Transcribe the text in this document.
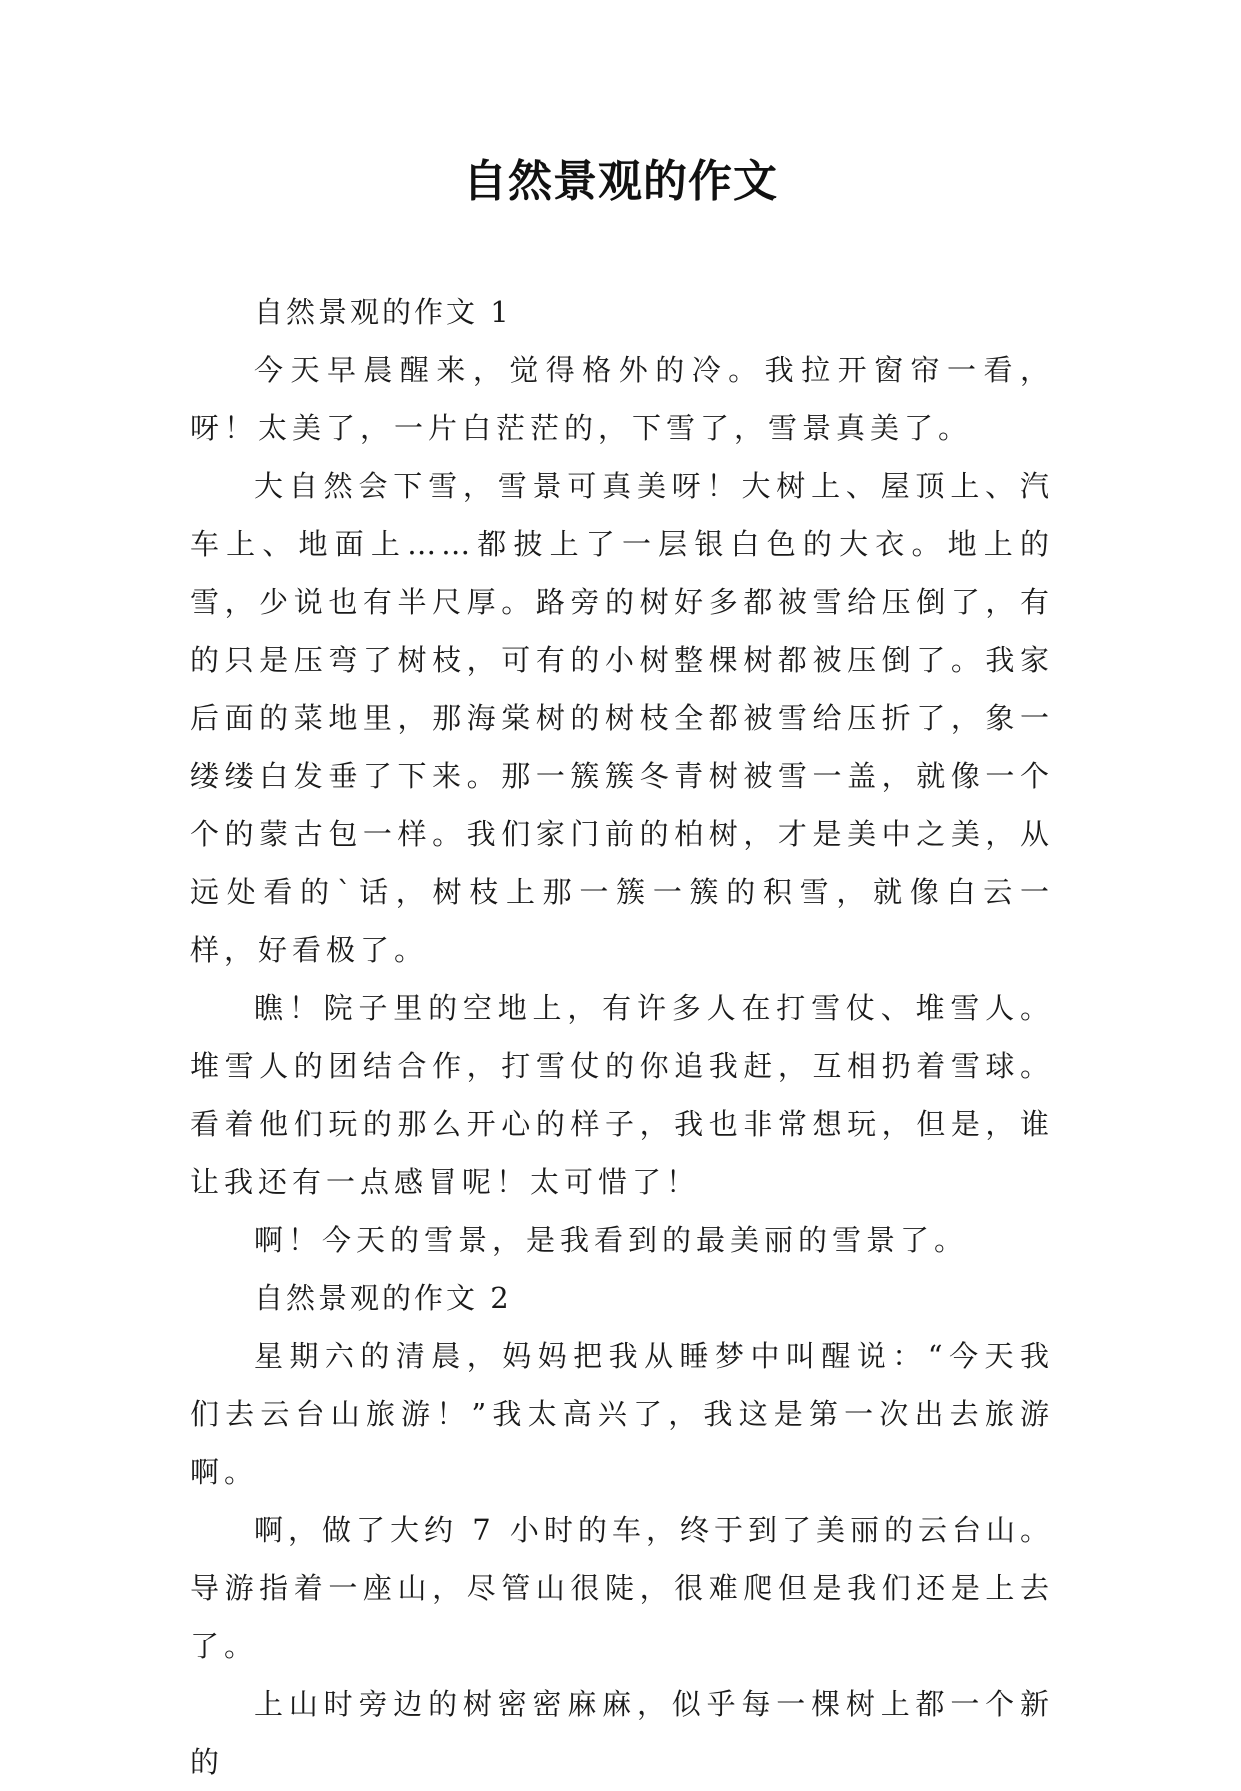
自然景观的作文

自然景观的作文 1

今天早晨醒来，觉得格外的冷。我拉开窗帘一看，呀！太美了，一片白茫茫的，下雪了，雪景真美了。

大自然会下雪，雪景可真美呀！大树上、屋顶上、汽车上、地面上……都披上了一层银白色的大衣。地上的雪，少说也有半尺厚。路旁的树好多都被雪给压倒了，有的只是压弯了树枝，可有的小树整棵树都被压倒了。我家后面的菜地里，那海棠树的树枝全都被雪给压折了，象一缕缕白发垂了下来。那一簇簇冬青树被雪一盖，就像一个个的蒙古包一样。我们家门前的柏树，才是美中之美，从远处看的`话，树枝上那一簇一簇的积雪，就像白云一样，好看极了。

瞧！院子里的空地上，有许多人在打雪仗、堆雪人。堆雪人的团结合作，打雪仗的你追我赶，互相扔着雪球。看着他们玩的那么开心的样子，我也非常想玩，但是，谁让我还有一点感冒呢！太可惜了！

啊！今天的雪景，是我看到的最美丽的雪景了。

自然景观的作文 2

星期六的清晨，妈妈把我从睡梦中叫醒说：“今天我们去云台山旅游！”我太高兴了，我这是第一次出去旅游啊。

啊，做了大约 7 小时的车，终于到了美丽的云台山。导游指着一座山，尽管山很陡，很难爬但是我们还是上去了。

上山时旁边的树密密麻麻，似乎每一棵树上都一个新的
